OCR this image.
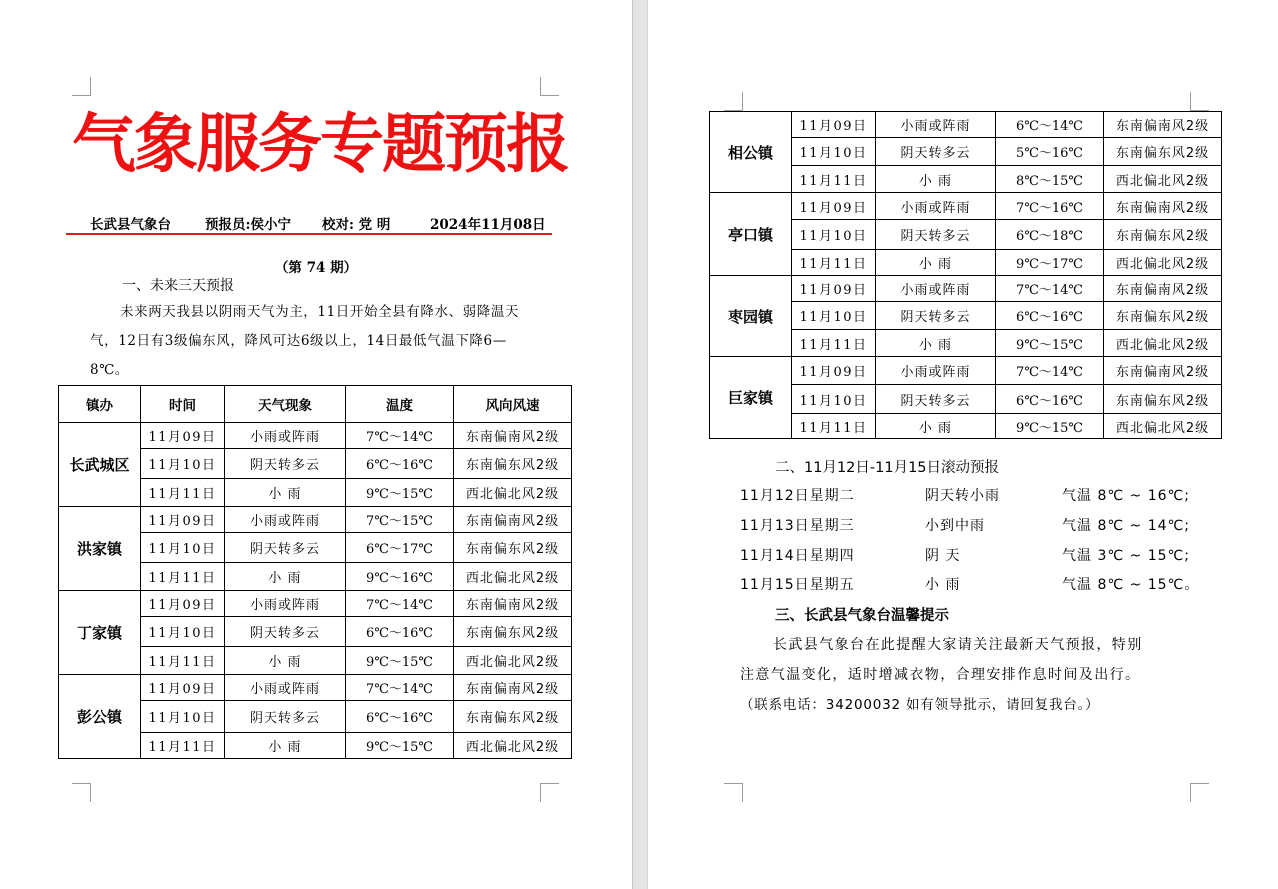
气象服务专题预报
长武县气象台	预报员:侯小宁 校对: 党 明	2024年11月08日
（第 74 期）
一、未来三天预报
未来两天我县以阴雨天气为主，11日开始全县有降水、弱降温天
气，12日有3级偏东风，降风可达6级以上，14日最低气温下降6—
8℃。
镇办	时间	天气现象	温度	风向风速
长武城区	11月09日	小雨或阵雨	7℃～14℃	东南偏南风2级
	11月10日	阴天转多云	6℃～16℃	东南偏东风2级
	11月11日	小 雨	9℃～15℃	西北偏北风2级
洪家镇	11月09日	小雨或阵雨	7℃～15℃	东南偏南风2级
	11月10日	阴天转多云	6℃～17℃	东南偏东风2级
	11月11日	小 雨	9℃～16℃	西北偏北风2级
丁家镇	11月09日	小雨或阵雨	7℃～14℃	东南偏南风2级
	11月10日	阴天转多云	6℃～16℃	东南偏东风2级
	11月11日	小 雨	9℃～15℃	西北偏北风2级
彭公镇	11月09日	小雨或阵雨	7℃～14℃	东南偏南风2级
	11月10日	阴天转多云	6℃～16℃	东南偏东风2级
	11月11日	小 雨	9℃～15℃	西北偏北风2级
相公镇	11月09日	小雨或阵雨	6℃～14℃	东南偏南风2级
	11月10日	阴天转多云	5℃～16℃	东南偏东风2级
	11月11日	小 雨	8℃～15℃	西北偏北风2级
亭口镇	11月09日	小雨或阵雨	7℃～16℃	东南偏南风2级
	11月10日	阴天转多云	6℃～18℃	东南偏东风2级
	11月11日	小 雨	9℃～17℃	西北偏北风2级
枣园镇	11月09日	小雨或阵雨	7℃～14℃	东南偏南风2级
	11月10日	阴天转多云	6℃～16℃	东南偏东风2级
	11月11日	小 雨	9℃～15℃	西北偏北风2级
巨家镇	11月09日	小雨或阵雨	7℃～14℃	东南偏南风2级
	11月10日	阴天转多云	6℃～16℃	东南偏东风2级
	11月11日	小 雨	9℃～15℃	西北偏北风2级
二、11月12日-11月15日滚动预报
11月12日星期二	阴天转小雨	气温 8℃ ~ 16℃;
11月13日星期三	小到中雨	气温 8℃ ~ 14℃;
11月14日星期四	阴 天	气温 3℃ ~ 15℃;
11月15日星期五	小 雨	气温 8℃ ~ 15℃。
三、长武县气象台温馨提示
长武县气象台在此提醒大家请关注最新天气预报，特别
注意气温变化，适时增减衣物，合理安排作息时间及出行。
（联系电话：34200032 如有领导批示，请回复我台。）
